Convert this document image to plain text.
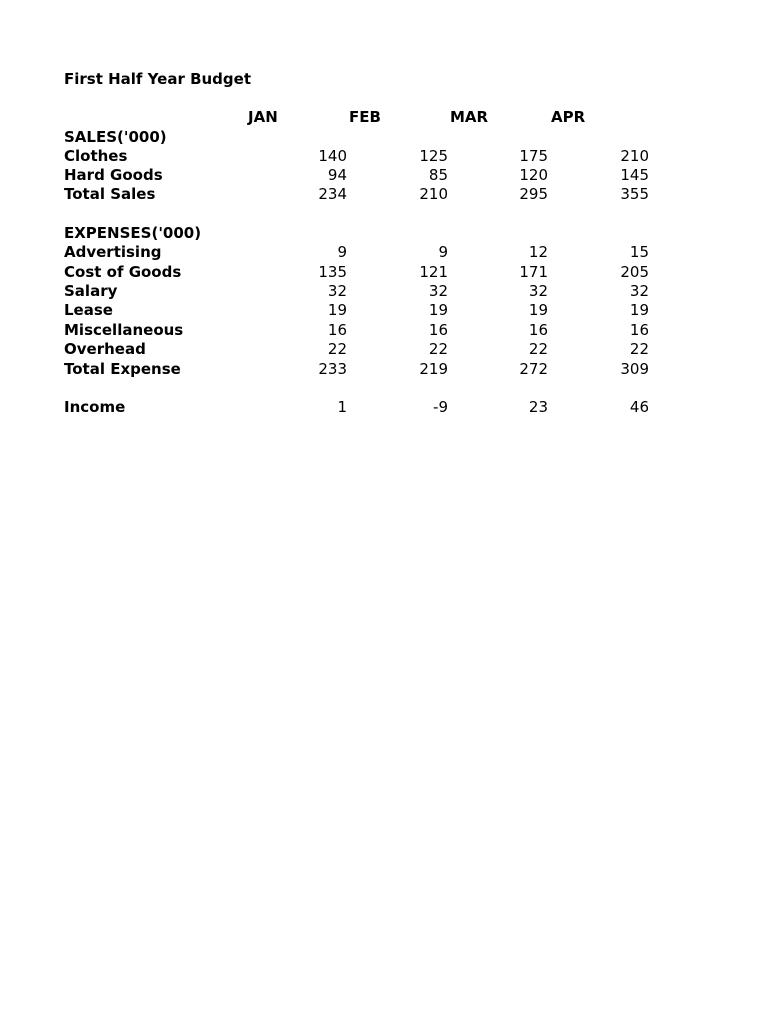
First Half Year Budget
JAN	FEB	MAR	APR
SALES('000)
Clothes	140	125	175	210
Hard Goods	94	85	120	145
Total Sales	234	210	295	355
EXPENSES('000)
Advertising	9	9	12	15
Cost of Goods	135	121	171	205
Salary	32	32	32	32
Lease	19	19	19	19
Miscellaneous	16	16	16	16
Overhead	22	22	22	22
Total Expense	233	219	272	309
Income	1	-9	23	46
